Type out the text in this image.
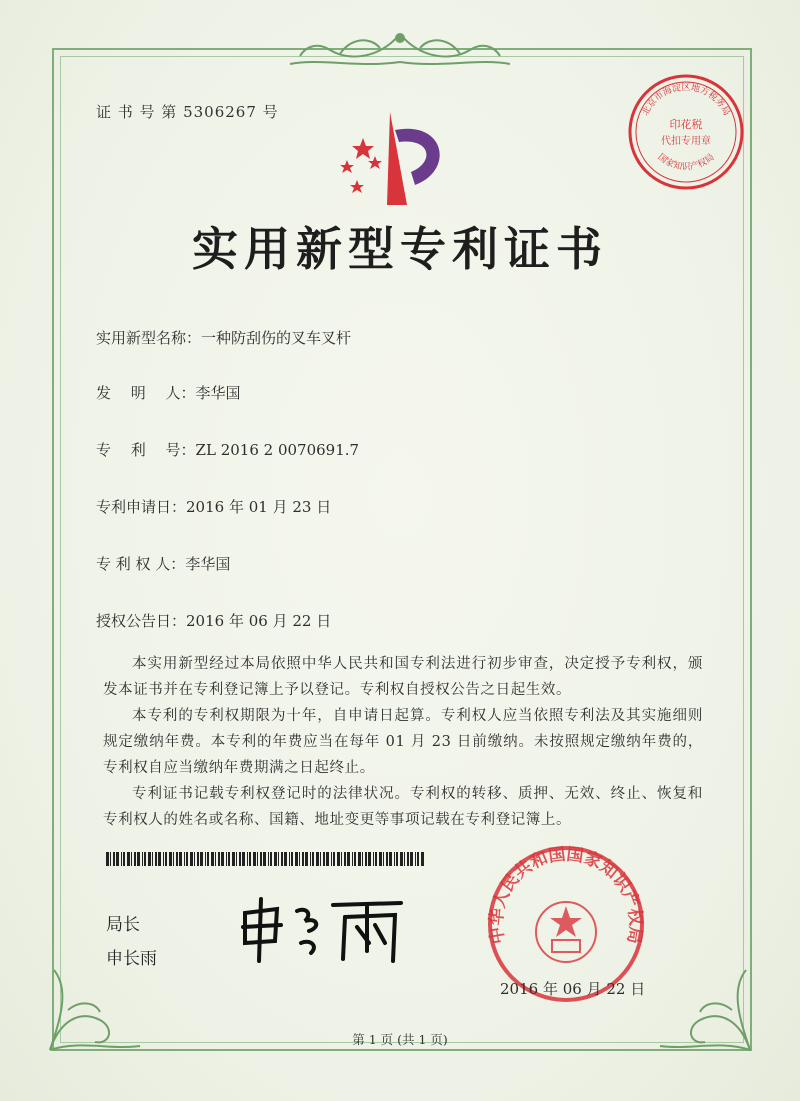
证 书 号 第 5306267 号
印花税
代扣专用章
北京市海淀区地方税务局
国家知识产权局
实用新型专利证书
实用新型名称：一种防刮伤的叉车叉杆
发　 明　 人：李华国
专　 利　 号：ZL 2016 2 0070691.7
专利申请日：2016 年 01 月 23 日
专 利 权 人：李华国
授权公告日：2016 年 06 月 22 日

本实用新型经过本局依照中华人民共和国专利法进行初步审查，决定授予专利权，颁发本证书并在专利登记簿上予以登记。专利权自授权公告之日起生效。

本专利的专利权期限为十年，自申请日起算。专利权人应当依照专利法及其实施细则规定缴纳年费。本专利的年费应当在每年 01 月 23 日前缴纳。未按照规定缴纳年费的，专利权自应当缴纳年费期满之日起终止。

专利证书记载专利权登记时的法律状况。专利权的转移、质押、无效、终止、恢复和专利权人的姓名或名称、国籍、地址变更等事项记载在专利登记簿上。

局长
申长雨
中华人民共和国国家知识产权局
2016 年 06 月 22 日
第 1 页 (共 1 页)
